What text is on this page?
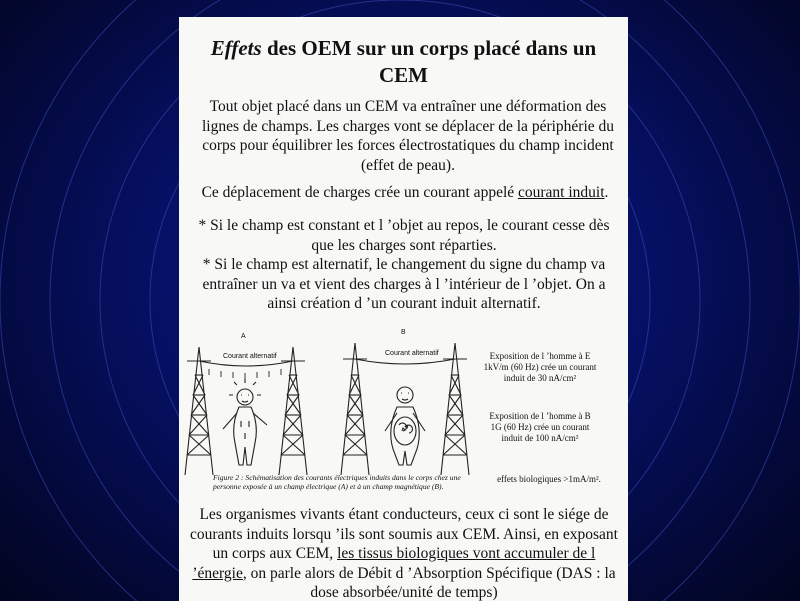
Effets des OEM sur un corps placé dans un
CEM
Tout objet placé dans un CEM va entraîner une déformation des lignes de champs. Les charges vont se déplacer de la périphérie du corps pour équilibrer les forces électrostatiques du champ incident (effet de peau).
Ce déplacement de charges crée un courant appelé courant induit.
* Si le champ est constant et l ’objet au repos, le courant cesse dès que les charges sont réparties.
* Si le champ est alternatif, le changement du signe du champ va entraîner un va et vient des charges à l ’intérieur de l ’objet. On a ainsi création d ’un courant induit alternatif.
A
B
Courant alternatif	Courant alternatif
Figure 2 : Schématisation des courants électriques induits dans le corps chez une personne exposée à un champ électrique (A) et à un champ magnétique (B).
Exposition de l ’homme à E 1kV/m (60 Hz) crée un courant induit de 30 nA/cm²
Exposition de l ’homme à B 1G (60 Hz) crée un courant induit de 100 nA/cm²
effets biologiques >1mA/m².
Les organismes vivants étant conducteurs, ceux ci sont le siége de courants induits lorsqu ’ils sont soumis aux CEM. Ainsi, en exposant un corps aux CEM, les tissus biologiques vont accumuler de l ’énergie, on parle alors de Débit d ’Absorption Spécifique (DAS : la dose absorbée/unité de temps)
